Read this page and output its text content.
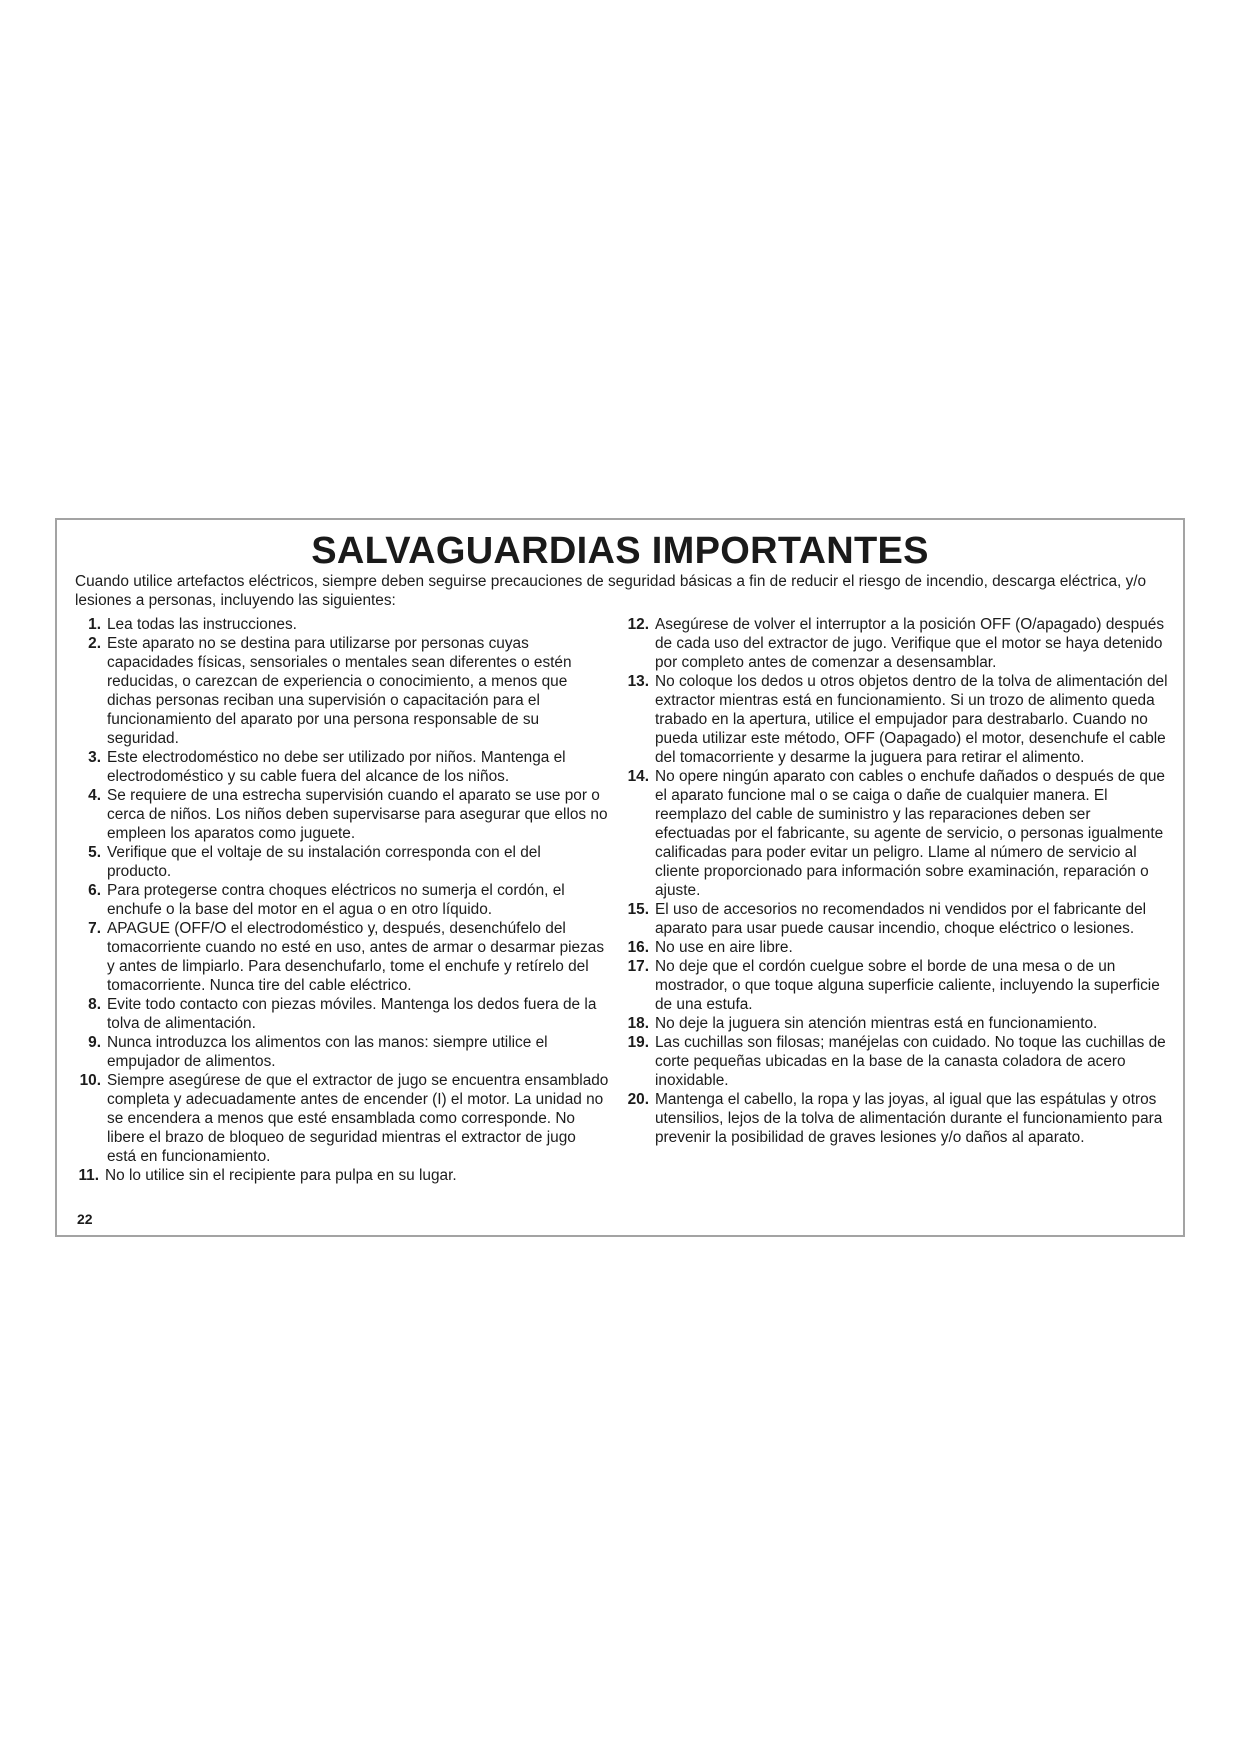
SALVAGUARDIAS IMPORTANTES
Cuando utilice artefactos eléctricos, siempre deben seguirse precauciones de seguridad básicas a fin de reducir el riesgo de incendio, descarga eléctrica, y/o lesiones a personas, incluyendo las siguientes:
1. Lea todas las instrucciones.
2. Este aparato no se destina para utilizarse por personas cuyas capacidades físicas, sensoriales o mentales sean diferentes o estén reducidas, o carezcan de experiencia o conocimiento, a menos que dichas personas reciban una supervisión o capacitación para el funcionamiento del aparato por una persona responsable de su seguridad.
3. Este electrodoméstico no debe ser utilizado por niños. Mantenga el electrodoméstico y su cable fuera del alcance de los niños.
4. Se requiere de una estrecha supervisión cuando el aparato se use por o cerca de niños. Los niños deben supervisarse para asegurar que ellos no empleen los aparatos como juguete.
5. Verifique que el voltaje de su instalación corresponda con el del producto.
6. Para protegerse contra choques eléctricos no sumerja el cordón, el enchufe o la base del motor en el agua o en otro líquido.
7. APAGUE (OFF/O el electrodoméstico y, después, desenchúfelo del tomacorriente cuando no esté en uso, antes de armar o desarmar piezas y antes de limpiarlo. Para desenchufarlo, tome el enchufe y retírelo del tomacorriente. Nunca tire del cable eléctrico.
8. Evite todo contacto con piezas móviles. Mantenga los dedos fuera de la tolva de alimentación.
9. Nunca introduzca los alimentos con las manos: siempre utilice el empujador de alimentos.
10. Siempre asegúrese de que el extractor de jugo se encuentra ensamblado completa y adecuadamente antes de encender (I) el motor. La unidad no se encendera a menos que esté ensamblada como corresponde. No libere el brazo de bloqueo de seguridad mientras el extractor de jugo está en funcionamiento.
11. No lo utilice sin el recipiente para pulpa en su lugar.
12. Asegúrese de volver el interruptor a la posición OFF (O/apagado) después de cada uso del extractor de jugo. Verifique que el motor se haya detenido por completo antes de comenzar a desensamblar.
13. No coloque los dedos u otros objetos dentro de la tolva de alimentación del extractor mientras está en funcionamiento. Si un trozo de alimento queda trabado en la apertura, utilice el empujador para destrabarlo. Cuando no pueda utilizar este método, OFF (Oapagado) el motor, desenchufe el cable del tomacorriente y desarme la juguera para retirar el alimento.
14. No opere ningún aparato con cables o enchufe dañados o después de que el aparato funcione mal o se caiga o dañe de cualquier manera. El reemplazo del cable de suministro y las reparaciones deben ser efectuadas por el fabricante, su agente de servicio, o personas igualmente calificadas para poder evitar un peligro. Llame al número de servicio al cliente proporcionado para información sobre examinación, reparación o ajuste.
15. El uso de accesorios no recomendados ni vendidos por el fabricante del aparato para usar puede causar incendio, choque eléctrico o lesiones.
16. No use en aire libre.
17. No deje que el cordón cuelgue sobre el borde de una mesa o de un mostrador, o que toque alguna superficie caliente, incluyendo la superficie de una estufa.
18. No deje la juguera sin atención mientras está en funcionamiento.
19. Las cuchillas son filosas; manéjelas con cuidado. No toque las cuchillas de corte pequeñas ubicadas en la base de la canasta coladora de acero inoxidable.
20. Mantenga el cabello, la ropa y las joyas, al igual que las espátulas y otros utensilios, lejos de la tolva de alimentación durante el funcionamiento para prevenir la posibilidad de graves lesiones y/o daños al aparato.
22
